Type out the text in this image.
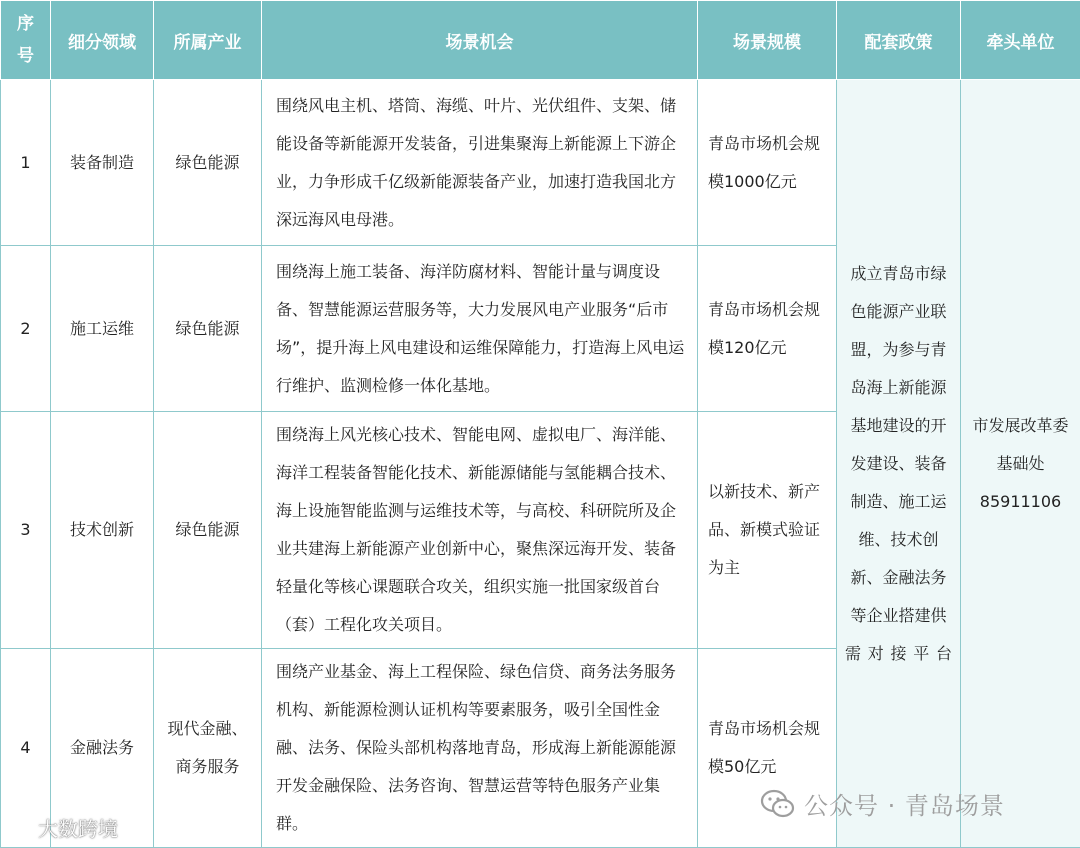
序号	细分领域	所属产业	场景机会	场景规模	配套政策	牵头单位
1	装备制造	绿色能源	围绕风电主机、塔筒、海缆、叶片、光伏组件、支架、储能设备等新能源开发装备，引进集聚海上新能源上下游企业，力争形成千亿级新能源装备产业，加速打造我国北方深远海风电母港。	青岛市场机会规模1000亿元	成立青岛市绿色能源产业联盟，为参与青岛海上新能源基地建设的开发建设、装备制造、施工运维、技术创新、金融法务等企业搭建供需对接平台	市发展改革委基础处85911106
2	施工运维	绿色能源	围绕海上施工装备、海洋防腐材料、智能计量与调度设备、智慧能源运营服务等，大力发展风电产业服务“后市场”，提升海上风电建设和运维保障能力，打造海上风电运行维护、监测检修一体化基地。	青岛市场机会规模120亿元		
3	技术创新	绿色能源	围绕海上风光核心技术、智能电网、虚拟电厂、海洋能、海洋工程装备智能化技术、新能源储能与氢能耦合技术、海上设施智能监测与运维技术等，与高校、科研院所及企业共建海上新能源产业创新中心，聚焦深远海开发、装备轻量化等核心课题联合攻关，组织实施一批国家级首台（套）工程化攻关项目。	以新技术、新产品、新模式验证为主		
4	金融法务	现代金融、商务服务	围绕产业基金、海上工程保险、绿色信贷、商务法务服务机构、新能源检测认证机构等要素服务，吸引全国性金融、法务、保险头部机构落地青岛，形成海上新能源能源开发金融保险、法务咨询、智慧运营等特色服务产业集群。	青岛市场机会规模50亿元		
大数跨境
公众号 · 青岛场景
